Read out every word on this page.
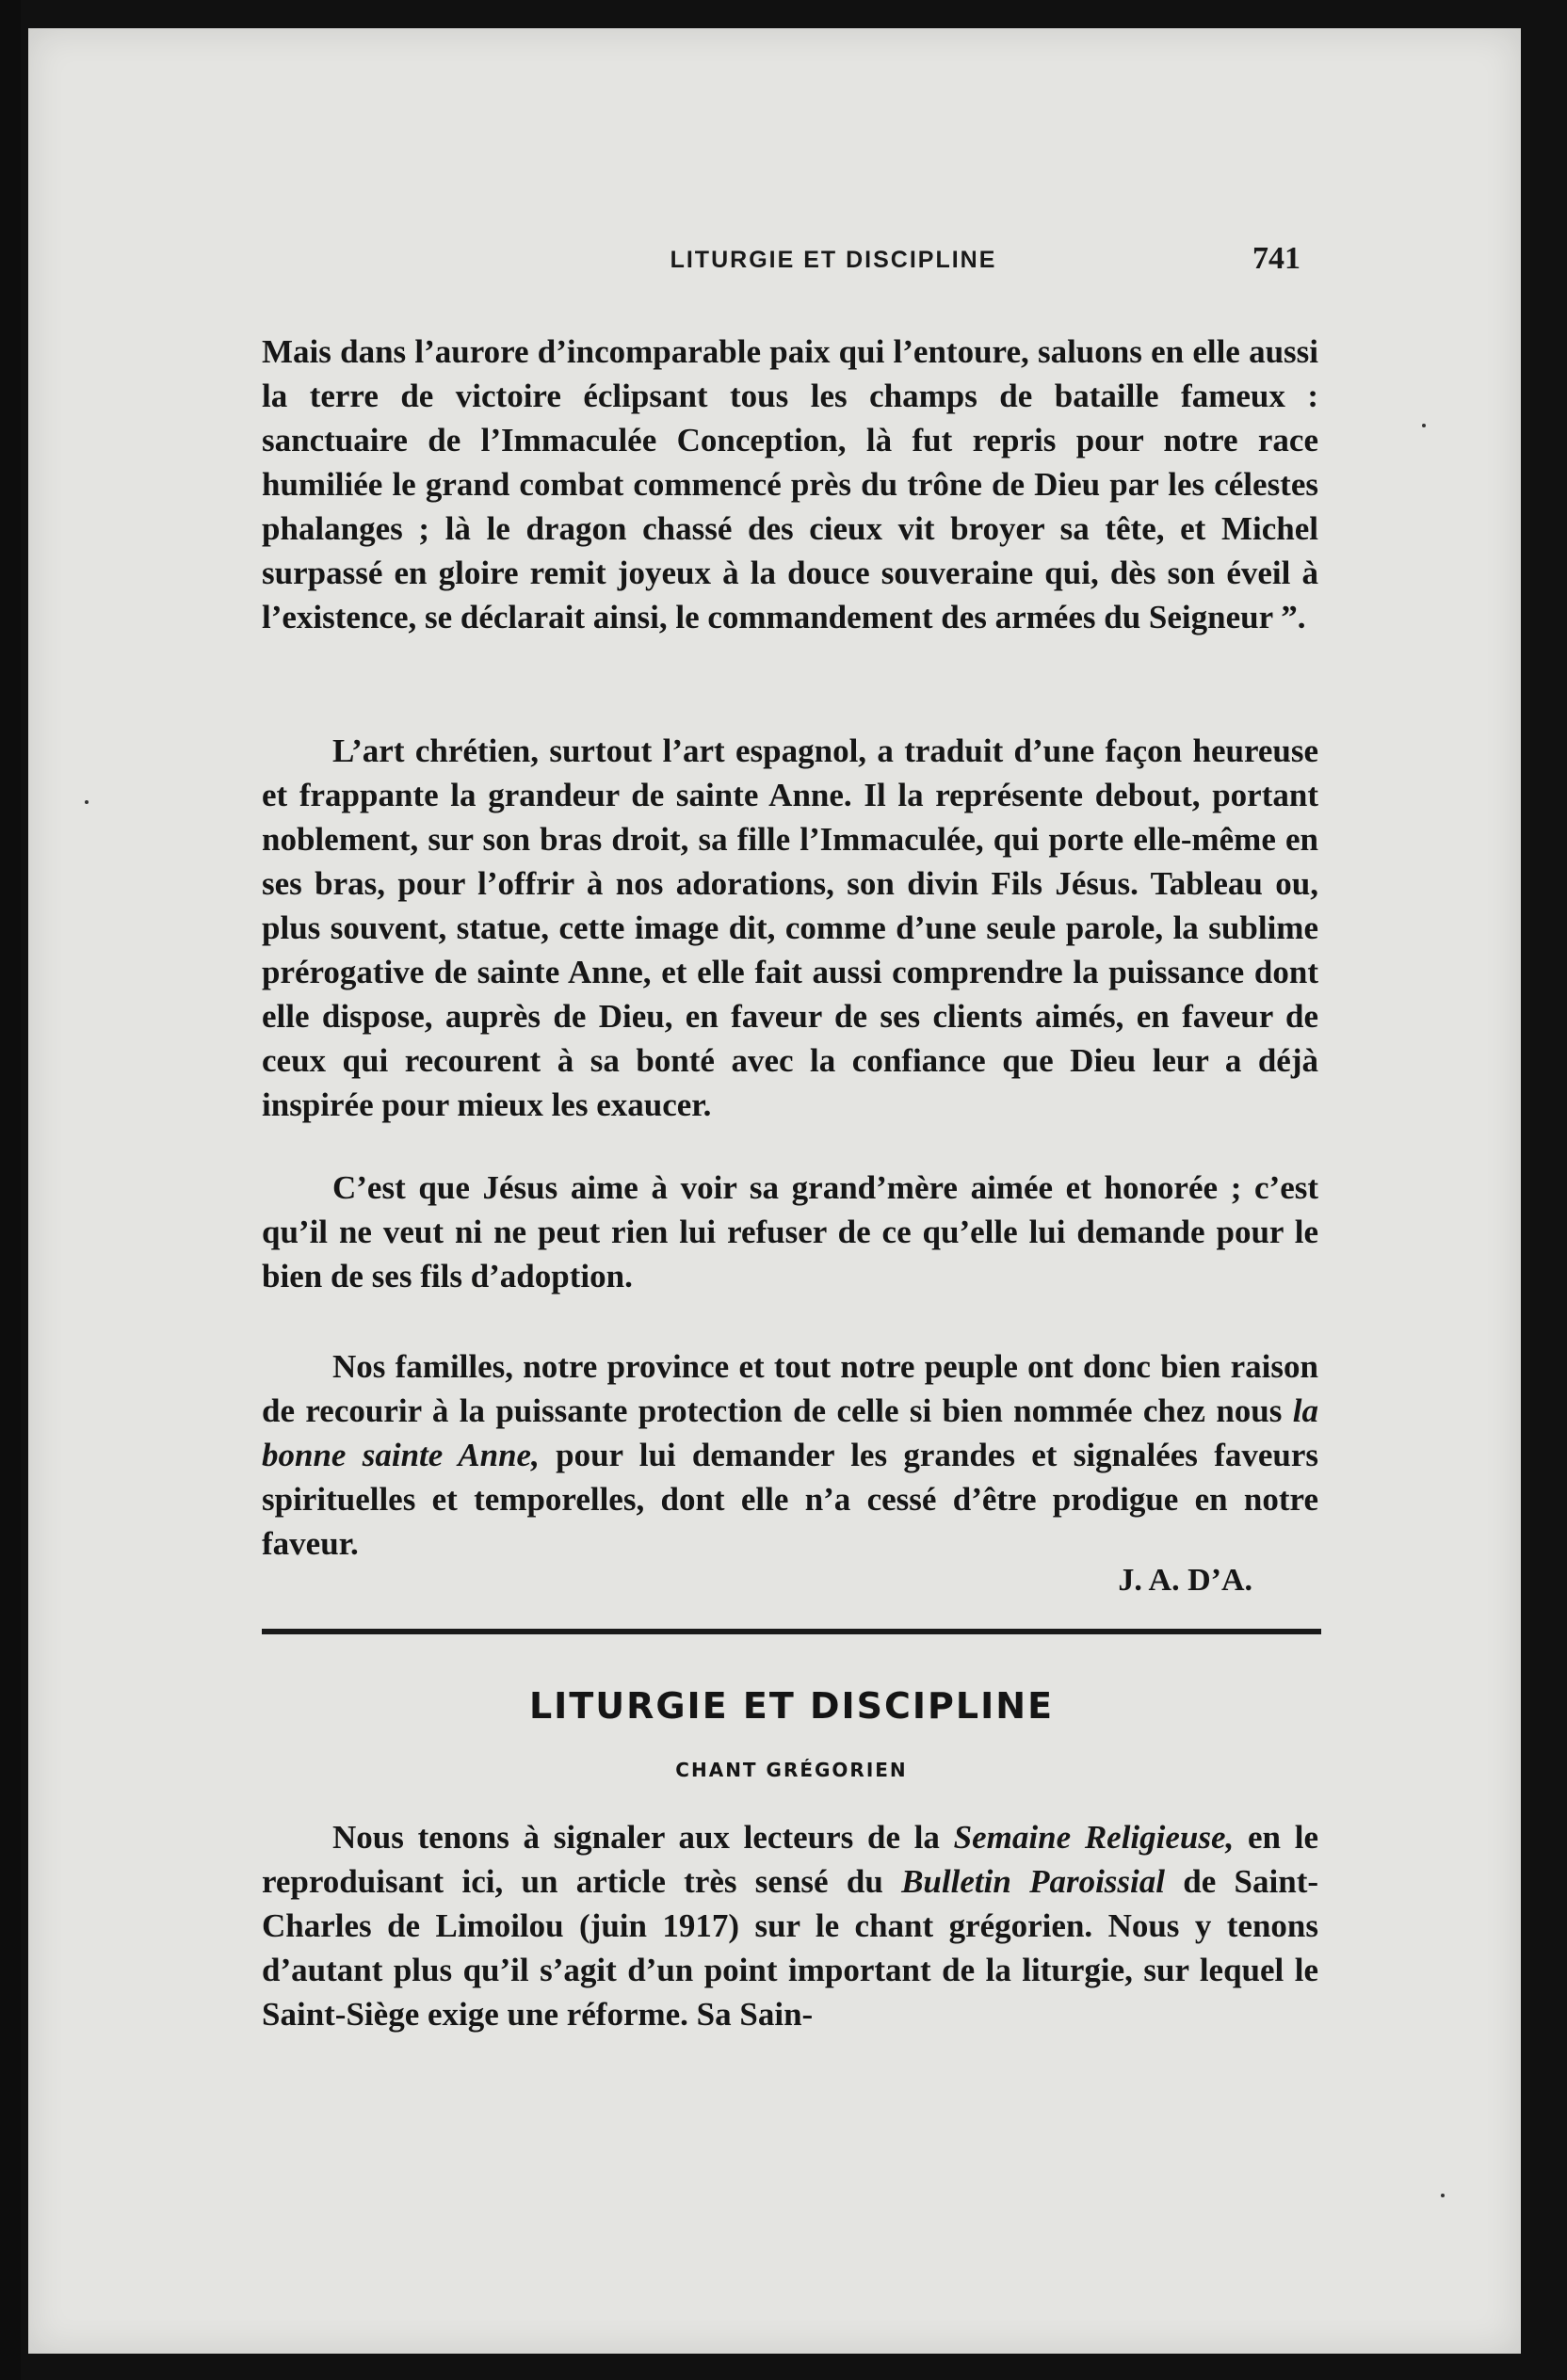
LITURGIE ET DISCIPLINE	741

Mais dans l’aurore d’incomparable paix qui l’entoure, saluons en elle aussi la terre de victoire éclipsant tous les champs de bataille fameux : sanctuaire de l’Immaculée Conception, là fut repris pour notre race humiliée le grand combat commencé près du trône de Dieu par les célestes phalanges ; là le dragon chassé des cieux vit broyer sa tête, et Michel surpassé en gloire remit joyeux à la douce souveraine qui, dès son éveil à l’existence, se déclarait ainsi, le commandement des armées du Seigneur ”.

L’art chrétien, surtout l’art espagnol, a traduit d’une façon heureuse et frappante la grandeur de sainte Anne. Il la représente debout, portant noblement, sur son bras droit, sa fille l’Immaculée, qui porte elle-même en ses bras, pour l’offrir à nos adorations, son divin Fils Jésus. Tableau ou, plus souvent, statue, cette image dit, comme d’une seule parole, la sublime prérogative de sainte Anne, et elle fait aussi comprendre la puissance dont elle dispose, auprès de Dieu, en faveur de ses clients aimés, en faveur de ceux qui recourent à sa bonté avec la confiance que Dieu leur a déjà inspirée pour mieux les exaucer.

C’est que Jésus aime à voir sa grand’mère aimée et honorée ; c’est qu’il ne veut ni ne peut rien lui refuser de ce qu’elle lui demande pour le bien de ses fils d’adoption.

Nos familles, notre province et tout notre peuple ont donc bien raison de recourir à la puissante protection de celle si bien nommée chez nous la bonne sainte Anne, pour lui demander les grandes et signalées faveurs spirituelles et temporelles, dont elle n’a cessé d’être prodigue en notre faveur.

J. A. D’A.
LITURGIE ET DISCIPLINE
CHANT GRÉGORIEN

Nous tenons à signaler aux lecteurs de la Semaine Religieuse, en le reproduisant ici, un article très sensé du Bulletin Paroissial de Saint-Charles de Limoilou (juin 1917) sur le chant grégorien. Nous y tenons d’autant plus qu’il s’agit d’un point important de la liturgie, sur lequel le Saint-Siège exige une réforme. Sa Sain-
